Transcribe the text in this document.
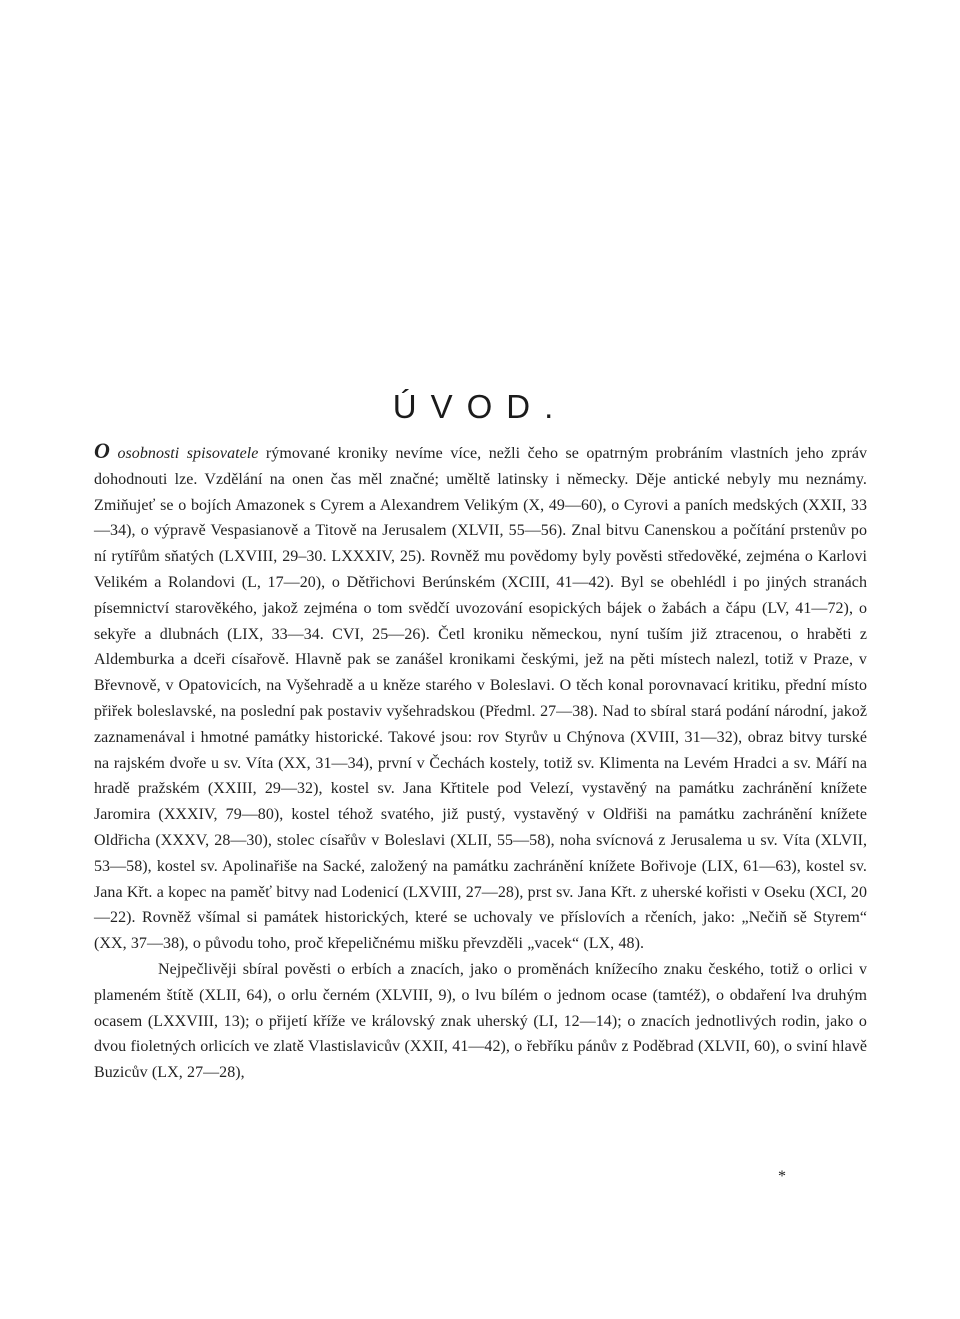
ÚVOD.

O osobnosti spisovatele rýmované kroniky nevíme více, nežli čeho se opatrným probráním vlastních jeho zpráv dohodnouti lze. Vzdělání na onen čas měl značné; uměltě latinsky i německy. Děje antické nebyly mu neznámy. Zmiňujeť se o bojích Amazonek s Cyrem a Alexandrem Velikým (X, 49—60), o Cyrovi a paních medských (XXII, 33—34), o výpravě Vespasianově a Titově na Jerusalem (XLVII, 55—56). Znal bitvu Canenskou a počítání prstenův po ní rytířům sňatých (LXVIII, 29–30. LXXXIV, 25). Rovněž mu povědomy byly pověsti středověké, zejména o Karlovi Velikém a Rolandovi (L, 17—20), o Dětřichovi Berúnském (XCIII, 41—42). Byl se obehlédl i po jiných stranách písemnictví starověkého, jakož zejména o tom svědčí uvozování esopických bájek o žabách a čápu (LV, 41—72), o sekyře a dlubnách (LIX, 33—34. CVI, 25—26). Četl kroniku německou, nyní tuším již ztracenou, o hraběti z Aldemburka a dceři císařově. Hlavně pak se zanášel kronikami českými, jež na pěti místech nalezl, totiž v Praze, v Břevnově, v Opatovicích, na Vyšehradě a u kněze starého v Boleslavi. O těch konal porovnavací kritiku, přední místo přiřek boleslavské, na poslední pak postaviv vyšehradskou (Předml. 27—38). Nad to sbíral stará podání národní, jakož zaznamenával i hmotné památky historické. Takové jsou: rov Styrův u Chýnova (XVIII, 31—32), obraz bitvy turské na rajském dvoře u sv. Víta (XX, 31—34), první v Čechách kostely, totiž sv. Klimenta na Levém Hradci a sv. Máří na hradě pražském (XXIII, 29—32), kostel sv. Jana Křtitele pod Velezí, vystavěný na památku zachránění knížete Jaromira (XXXIV, 79—80), kostel téhož svatého, již pustý, vystavěný v Oldřiši na památku zachránění knížete Oldřicha (XXXV, 28—30), stolec císařův v Boleslavi (XLII, 55—58), noha svícnová z Jerusalema u sv. Víta (XLVII, 53—58), kostel sv. Apolinařiše na Sacké, založený na památku zachránění knížete Bořivoje (LIX, 61—63), kostel sv. Jana Křt. a kopec na paměť bitvy nad Lodenicí (LXVIII, 27—28), prst sv. Jana Křt. z uherské kořisti v Oseku (XCI, 20—22). Rovněž všímal si památek historických, které se uchovaly ve příslovích a rčeních, jako: „Nečiň sě Styrem“ (XX, 37—38), o původu toho, proč křepeličnému mišku převzděli „vacek“ (LX, 48).

Nejpečlivěji sbíral pověsti o erbích a znacích, jako o proměnách knížecího znaku českého, totiž o orlici v plameném štítě (XLII, 64), o orlu černém (XLVIII, 9), o lvu bílém o jednom ocase (tamtéž), o obdaření lva druhým ocasem (LXXVIII, 13); o přijetí kříže ve královský znak uherský (LI, 12—14); o znacích jednotlivých rodin, jako o dvou fioletných orlicích ve zlatě Vlastislavicův (XXII, 41—42), o řebříku pánův z Poděbrad (XLVII, 60), o sviní hlavě Buzicův (LX, 27—28),

*
